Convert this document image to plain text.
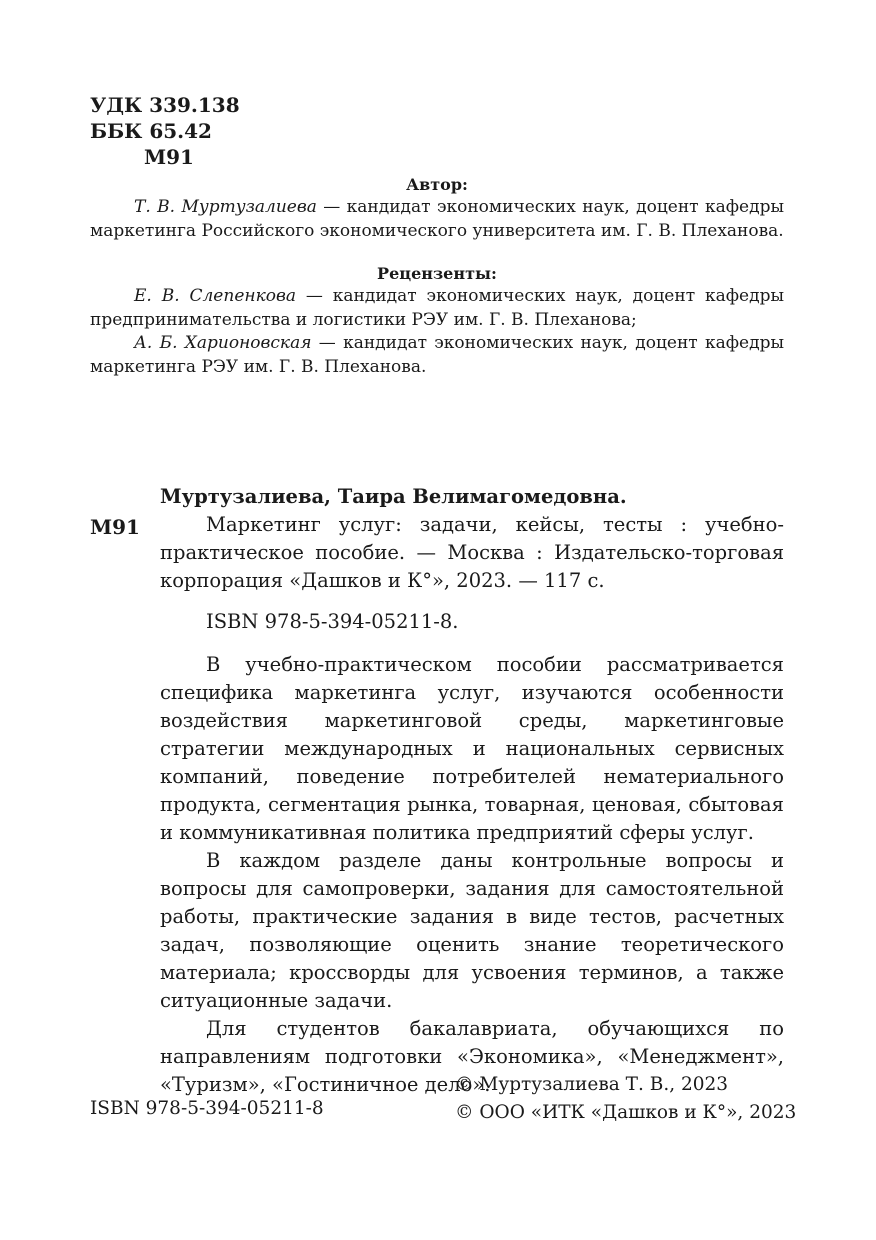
УДК 339.138
ББК 65.42
М91
Автор:

Т. В. Муртузалиева — кандидат экономических наук, доцент кафедры маркетинга Российского экономического университета им. Г. В. Плеханова.

Рецензенты:

Е. В. Слепенкова — кандидат экономических наук, доцент кафедры предпринимательства и логистики РЭУ им. Г. В. Плеханова;

А. Б. Харионовская — кандидат экономических наук, доцент кафедры маркетинга РЭУ им. Г. В. Плеханова.

М91
Муртузалиева, Таира Велимагомедовна.
Маркетинг услуг: задачи, кейсы, тесты : учебно-практическое пособие. — Москва : Издательско-торговая корпорация «Дашков и К°», 2023. — 117 с.
ISBN 978-5-394-05211-8.

В учебно-практическом пособии рассматривается специфика маркетинга услуг, изучаются особенности воздействия маркетинговой среды, маркетинговые стратегии международных и национальных сервисных компаний, поведение потребителей нематериального продукта, сегментация рынка, товарная, ценовая, сбытовая и коммуникативная политика предприятий сферы услуг.

В каждом разделе даны контрольные вопросы и вопросы для самопроверки, задания для самостоятельной работы, практические задания в виде тестов, расчетных задач, позволяющие оценить знание теоретического материала; кроссворды для усвоения терминов, а также ситуационные задачи.

Для студентов бакалавриата, обучающихся по направлениям подготовки «Экономика», «Менеджмент», «Туризм», «Гостиничное дело».

ISBN 978-5-394-05211-8
© Муртузалиева Т. В., 2023
© ООО «ИТК «Дашков и К°», 2023
